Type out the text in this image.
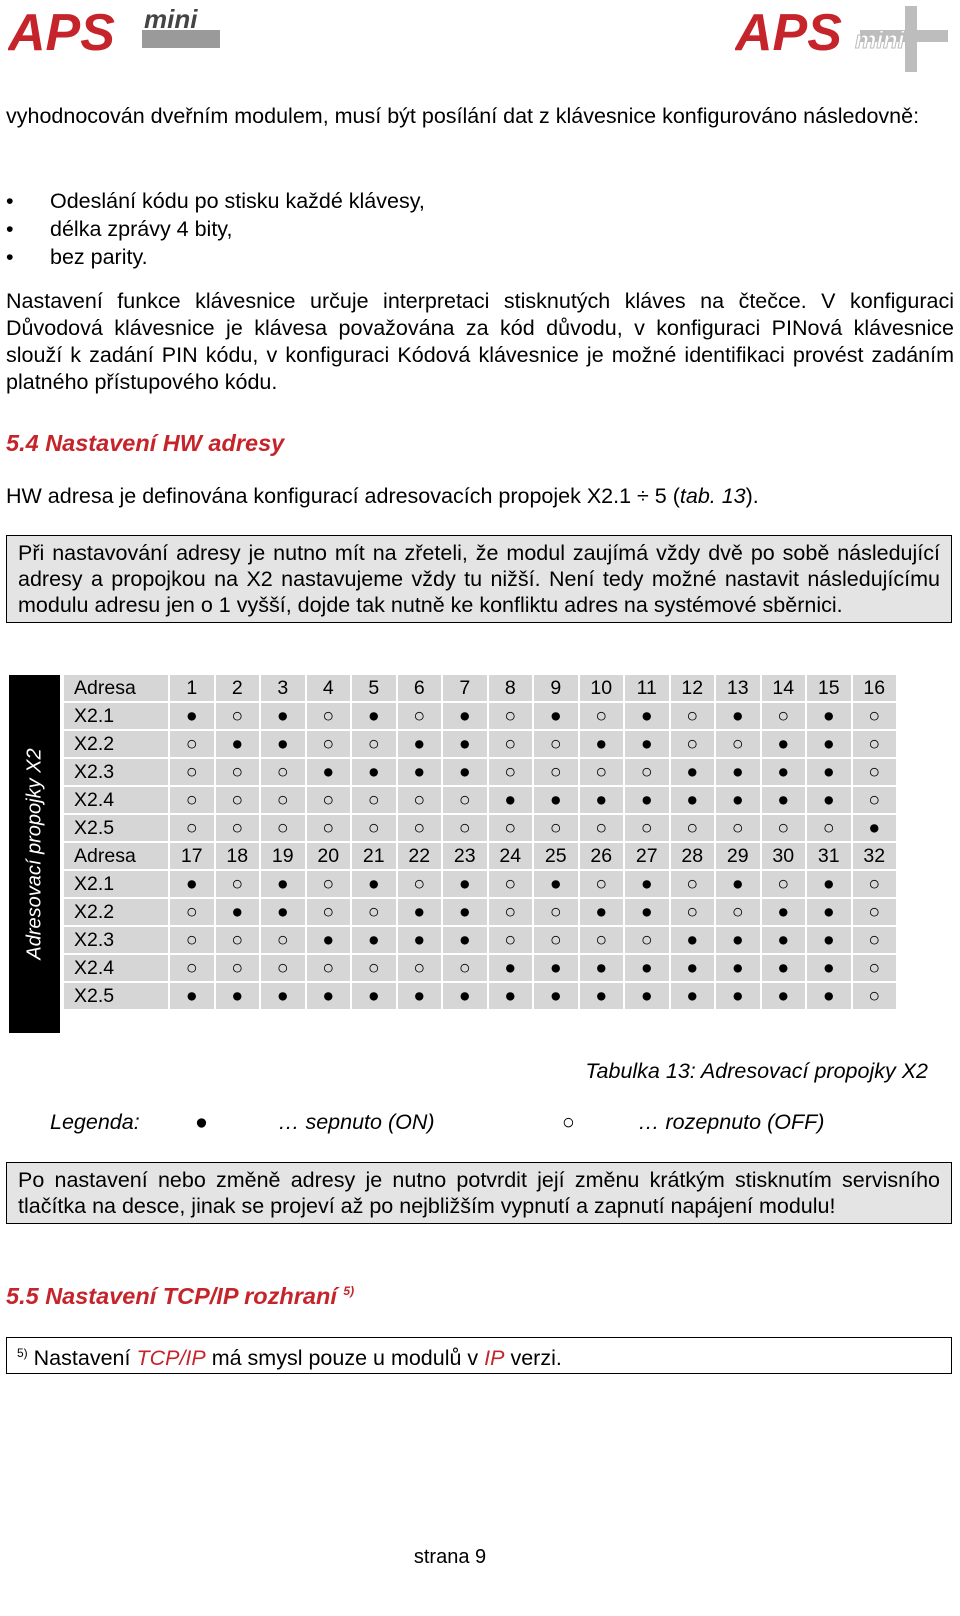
APS mini	APS mini
vyhodnocován dveřním modulem, musí být posílání dat z klávesnice konfigurováno následovně:
• Odeslání kódu po stisku každé klávesy,
• délka zprávy 4 bity,
• bez parity.
Nastavení funkce klávesnice určuje interpretaci stisknutých kláves na čtečce. V konfiguraci Důvodová klávesnice je klávesa považována za kód důvodu, v konfiguraci PINová klávesnice slouží k zadání PIN kódu, v konfiguraci Kódová klávesnice je možné identifikaci provést zadáním platného přístupového kódu.
5.4 Nastavení HW adresy
HW adresa je definována konfigurací adresovacích propojek X2.1 ÷ 5 (tab. 13).
Při nastavování adresy je nutno mít na zřeteli, že modul zaujímá vždy dvě po sobě následující adresy a propojkou na X2 nastavujeme vždy tu nižší. Není tedy možné nastavit následujícímu modulu adresu jen o 1 vyšší, dojde tak nutně ke konfliktu adres na systémové sběrnici.
Adresovací propojky X2
Adresa	1	2	3	4	5	6	7	8	9	10	11	12	13	14	15	16
X2.1	●	○	●	○	●	○	●	○	●	○	●	○	●	○	●	○
X2.2	○	●	●	○	○	●	●	○	○	●	●	○	○	●	●	○
X2.3	○	○	○	●	●	●	●	○	○	○	○	●	●	●	●	○
X2.4	○	○	○	○	○	○	○	●	●	●	●	●	●	●	●	○
X2.5	○	○	○	○	○	○	○	○	○	○	○	○	○	○	○	●
Adresa	17	18	19	20	21	22	23	24	25	26	27	28	29	30	31	32
X2.1	●	○	●	○	●	○	●	○	●	○	●	○	●	○	●	○
X2.2	○	●	●	○	○	●	●	○	○	●	●	○	○	●	●	○
X2.3	○	○	○	●	●	●	●	○	○	○	○	●	●	●	●	○
X2.4	○	○	○	○	○	○	○	●	●	●	●	●	●	●	●	○
X2.5	●	●	●	●	●	●	●	●	●	●	●	●	●	●	●	○
Tabulka 13: Adresovací propojky X2
Legenda:	●	… sepnuto (ON)	○	… rozepnuto (OFF)
Po nastavení nebo změně adresy je nutno potvrdit její změnu krátkým stisknutím servisního tlačítka na desce, jinak se projeví až po nejbližším vypnutí a zapnutí napájení modulu!
5.5 Nastavení TCP/IP rozhraní $^{5)}$
$^{5)}$ Nastavení TCP/IP má smysl pouze u modulů v IP verzi.
strana 9
